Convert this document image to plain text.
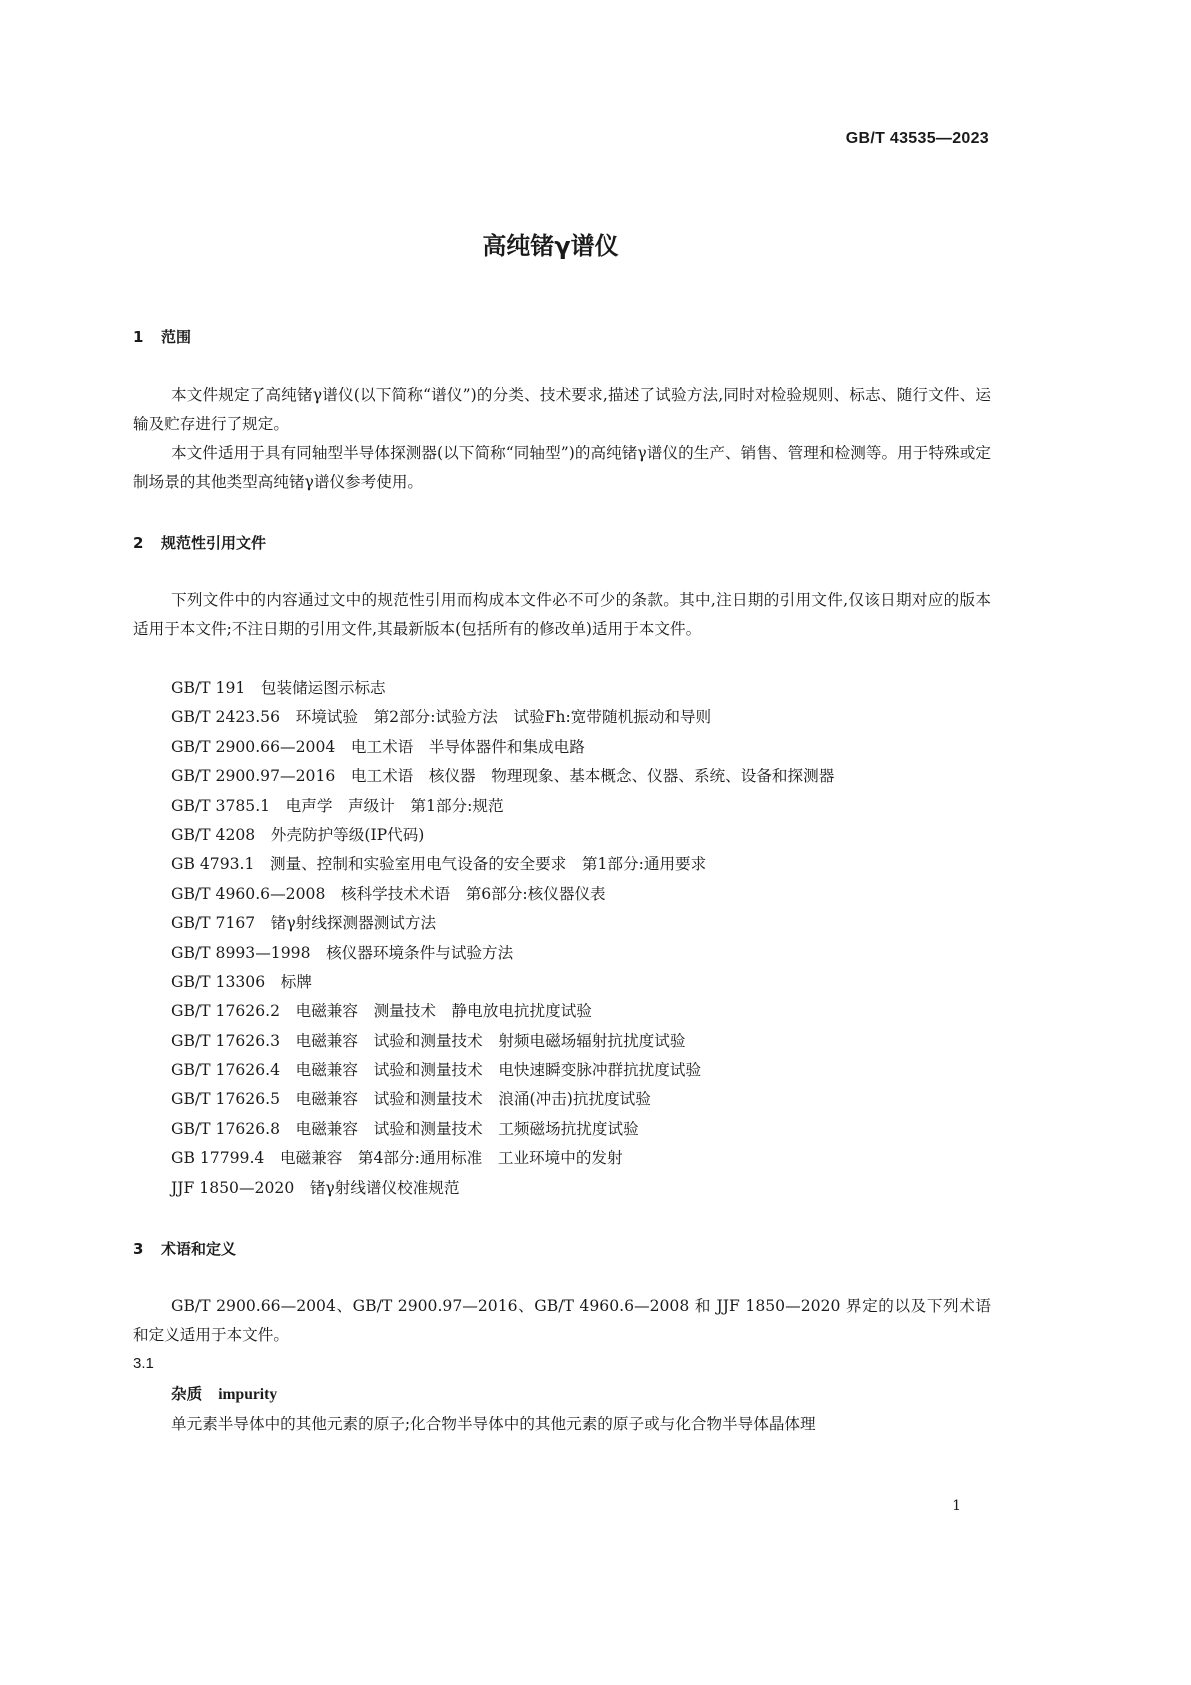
GB/T 43535—2023
高纯锗γ谱仪
1 范围
本文件规定了高纯锗γ谱仪(以下简称“谱仪”)的分类、技术要求,描述了试验方法,同时对检验规则、标志、随行文件、运输及贮存进行了规定。
本文件适用于具有同轴型半导体探测器(以下简称“同轴型”)的高纯锗γ谱仪的生产、销售、管理和检测等。用于特殊或定制场景的其他类型高纯锗γ谱仪参考使用。
2 规范性引用文件
下列文件中的内容通过文中的规范性引用而构成本文件必不可少的条款。其中,注日期的引用文件,仅该日期对应的版本适用于本文件;不注日期的引用文件,其最新版本(包括所有的修改单)适用于本文件。
GB/T 191　包装储运图示标志
GB/T 2423.56　环境试验　第2部分:试验方法　试验Fh:宽带随机振动和导则
GB/T 2900.66—2004　电工术语　半导体器件和集成电路
GB/T 2900.97—2016　电工术语　核仪器　物理现象、基本概念、仪器、系统、设备和探测器
GB/T 3785.1　电声学　声级计　第1部分:规范
GB/T 4208　外壳防护等级(IP代码)
GB 4793.1　测量、控制和实验室用电气设备的安全要求　第1部分:通用要求
GB/T 4960.6—2008　核科学技术术语　第6部分:核仪器仪表
GB/T 7167　锗γ射线探测器测试方法
GB/T 8993—1998　核仪器环境条件与试验方法
GB/T 13306　标牌
GB/T 17626.2　电磁兼容　测量技术　静电放电抗扰度试验
GB/T 17626.3　电磁兼容　试验和测量技术　射频电磁场辐射抗扰度试验
GB/T 17626.4　电磁兼容　试验和测量技术　电快速瞬变脉冲群抗扰度试验
GB/T 17626.5　电磁兼容　试验和测量技术　浪涌(冲击)抗扰度试验
GB/T 17626.8　电磁兼容　试验和测量技术　工频磁场抗扰度试验
GB 17799.4　电磁兼容　第4部分:通用标准　工业环境中的发射
JJF 1850—2020　锗γ射线谱仪校准规范
3 术语和定义
GB/T 2900.66—2004、GB/T 2900.97—2016、GB/T 4960.6—2008 和 JJF 1850—2020 界定的以及下列术语和定义适用于本文件。
3.1
杂质 impurity
单元素半导体中的其他元素的原子;化合物半导体中的其他元素的原子或与化合物半导体晶体理
1
